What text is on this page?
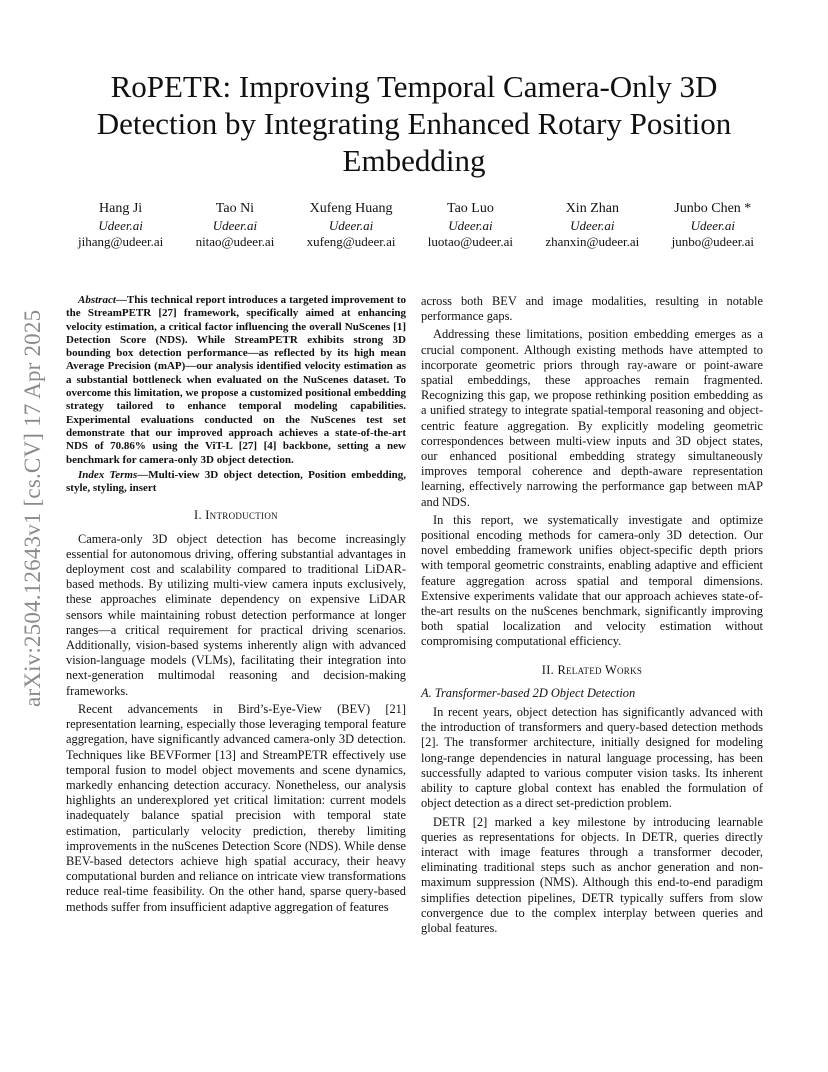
arXiv:2504.12643v1 [cs.CV] 17 Apr 2025
RoPETR: Improving Temporal Camera-Only 3D Detection by Integrating Enhanced Rotary Position Embedding
Hang Ji
Udeer.ai
jihang@udeer.ai
Tao Ni
Udeer.ai
nitao@udeer.ai
Xufeng Huang
Udeer.ai
xufeng@udeer.ai
Tao Luo
Udeer.ai
luotao@udeer.ai
Xin Zhan
Udeer.ai
zhanxin@udeer.ai
Junbo Chen *
Udeer.ai
junbo@udeer.ai

Abstract—This technical report introduces a targeted improvement to the StreamPETR [27] framework, specifically aimed at enhancing velocity estimation, a critical factor influencing the overall NuScenes [1] Detection Score (NDS). While StreamPETR exhibits strong 3D bounding box detection performance—as reflected by its high mean Average Precision (mAP)—our analysis identified velocity estimation as a substantial bottleneck when evaluated on the NuScenes dataset. To overcome this limitation, we propose a customized positional embedding strategy tailored to enhance temporal modeling capabilities. Experimental evaluations conducted on the NuScenes test set demonstrate that our improved approach achieves a state-of-the-art NDS of 70.86% using the ViT-L [27] [4] backbone, setting a new benchmark for camera-only 3D object detection.

Index Terms—Multi-view 3D object detection, Position embedding, style, styling, insert

I. Introduction

Camera-only 3D object detection has become increasingly essential for autonomous driving, offering substantial advantages in deployment cost and scalability compared to traditional LiDAR-based methods. By utilizing multi-view camera inputs exclusively, these approaches eliminate dependency on expensive LiDAR sensors while maintaining robust detection performance at longer ranges—a critical requirement for practical driving scenarios. Additionally, vision-based systems inherently align with advanced vision-language models (VLMs), facilitating their integration into next-generation multimodal reasoning and decision-making frameworks.

Recent advancements in Bird’s-Eye-View (BEV) [21] representation learning, especially those leveraging temporal feature aggregation, have significantly advanced camera-only 3D detection. Techniques like BEVFormer [13] and StreamPETR effectively use temporal fusion to model object movements and scene dynamics, markedly enhancing detection accuracy. Nonetheless, our analysis highlights an underexplored yet critical limitation: current models inadequately balance spatial precision with temporal state estimation, particularly velocity prediction, thereby limiting improvements in the nuScenes Detection Score (NDS). While dense BEV-based detectors achieve high spatial accuracy, their heavy computational burden and reliance on intricate view transformations reduce real-time feasibility. On the other hand, sparse query-based methods suffer from insufficient adaptive aggregation of features

across both BEV and image modalities, resulting in notable performance gaps.

Addressing these limitations, position embedding emerges as a crucial component. Although existing methods have attempted to incorporate geometric priors through ray-aware or point-aware spatial embeddings, these approaches remain fragmented. Recognizing this gap, we propose rethinking position embedding as a unified strategy to integrate spatial-temporal reasoning and object-centric feature aggregation. By explicitly modeling geometric correspondences between multi-view inputs and 3D object states, our enhanced positional embedding strategy simultaneously improves temporal coherence and depth-aware representation learning, effectively narrowing the performance gap between mAP and NDS.

In this report, we systematically investigate and optimize positional encoding methods for camera-only 3D detection. Our novel embedding framework unifies object-specific depth priors with temporal geometric constraints, enabling adaptive and efficient feature aggregation across spatial and temporal dimensions. Extensive experiments validate that our approach achieves state-of-the-art results on the nuScenes benchmark, significantly improving both spatial localization and velocity estimation without compromising computational efficiency.

II. Related Works
A. Transformer-based 2D Object Detection

In recent years, object detection has significantly advanced with the introduction of transformers and query-based detection methods [2]. The transformer architecture, initially designed for modeling long-range dependencies in natural language processing, has been successfully adapted to various computer vision tasks. Its inherent ability to capture global context has enabled the formulation of object detection as a direct set-prediction problem.

DETR [2] marked a key milestone by introducing learnable queries as representations for objects. In DETR, queries directly interact with image features through a transformer decoder, eliminating traditional steps such as anchor generation and non-maximum suppression (NMS). Although this end-to-end paradigm simplifies detection pipelines, DETR typically suffers from slow convergence due to the complex interplay between queries and global features.
